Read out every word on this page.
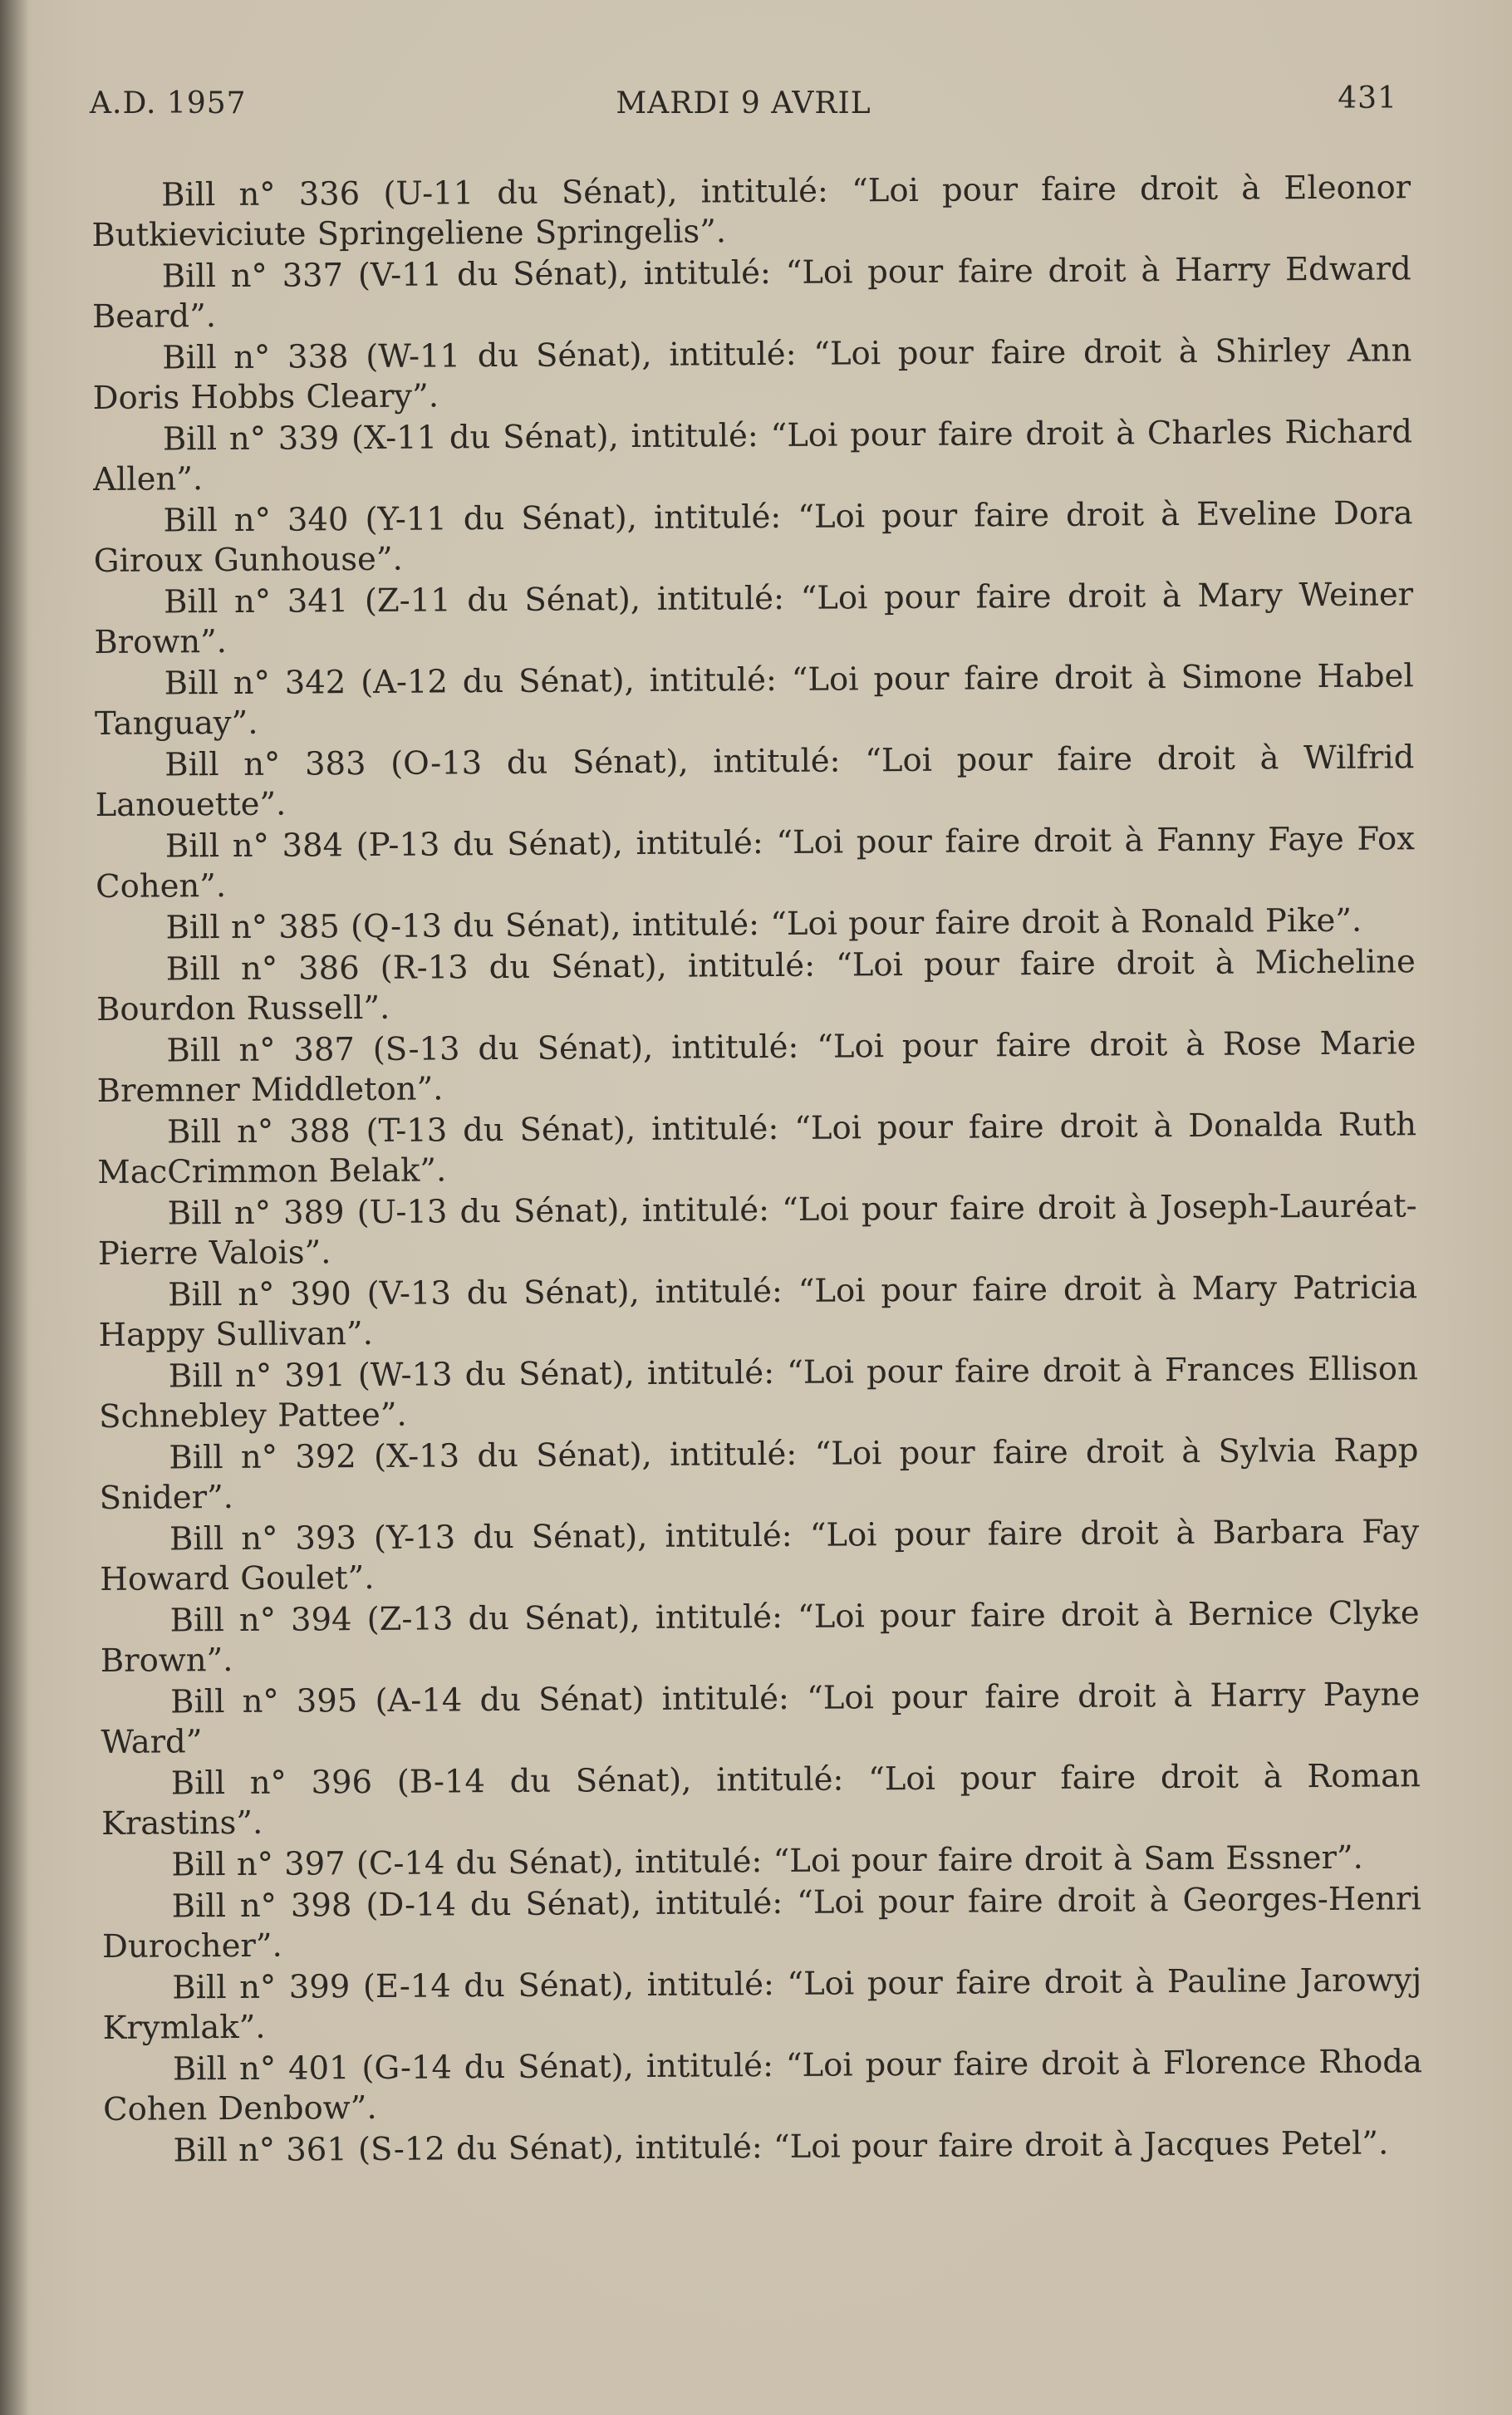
A.D. 1957	MARDI 9 AVRIL	431

Bill n° 336 (U-11 du Sénat), intitulé: “Loi pour faire droit à Eleonor Butkieviciute Springeliene Springelis”.

Bill n° 337 (V-11 du Sénat), intitulé: “Loi pour faire droit à Harry Edward Beard”.

Bill n° 338 (W-11 du Sénat), intitulé: “Loi pour faire droit à Shirley Ann Doris Hobbs Cleary”.

Bill n° 339 (X-11 du Sénat), intitulé: “Loi pour faire droit à Charles Richard Allen”.

Bill n° 340 (Y-11 du Sénat), intitulé: “Loi pour faire droit à Eveline Dora Giroux Gunhouse”.

Bill n° 341 (Z-11 du Sénat), intitulé: “Loi pour faire droit à Mary Weiner Brown”.

Bill n° 342 (A-12 du Sénat), intitulé: “Loi pour faire droit à Simone Habel Tanguay”.

Bill n° 383 (O-13 du Sénat), intitulé: “Loi pour faire droit à Wilfrid Lanouette”.

Bill n° 384 (P-13 du Sénat), intitulé: “Loi pour faire droit à Fanny Faye Fox Cohen”.

Bill n° 385 (Q-13 du Sénat), intitulé: “Loi pour faire droit à Ronald Pike”.

Bill n° 386 (R-13 du Sénat), intitulé: “Loi pour faire droit à Micheline Bourdon Russell”.

Bill n° 387 (S-13 du Sénat), intitulé: “Loi pour faire droit à Rose Marie Bremner Middleton”.

Bill n° 388 (T-13 du Sénat), intitulé: “Loi pour faire droit à Donalda Ruth MacCrimmon Belak”.

Bill n° 389 (U-13 du Sénat), intitulé: “Loi pour faire droit à Joseph-Lauréat-Pierre Valois”.

Bill n° 390 (V-13 du Sénat), intitulé: “Loi pour faire droit à Mary Patricia Happy Sullivan”.

Bill n° 391 (W-13 du Sénat), intitulé: “Loi pour faire droit à Frances Ellison Schnebley Pattee”.

Bill n° 392 (X-13 du Sénat), intitulé: “Loi pour faire droit à Sylvia Rapp Snider”.

Bill n° 393 (Y-13 du Sénat), intitulé: “Loi pour faire droit à Barbara Fay Howard Goulet”.

Bill n° 394 (Z-13 du Sénat), intitulé: “Loi pour faire droit à Bernice Clyke Brown”.

Bill n° 395 (A-14 du Sénat) intitulé: “Loi pour faire droit à Harry Payne Ward”

Bill n° 396 (B-14 du Sénat), intitulé: “Loi pour faire droit à Roman Krastins”.

Bill n° 397 (C-14 du Sénat), intitulé: “Loi pour faire droit à Sam Essner”.

Bill n° 398 (D-14 du Sénat), intitulé: “Loi pour faire droit à Georges-Henri Durocher”.

Bill n° 399 (E-14 du Sénat), intitulé: “Loi pour faire droit à Pauline Jarowyj Krymlak”.

Bill n° 401 (G-14 du Sénat), intitulé: “Loi pour faire droit à Florence Rhoda Cohen Denbow”.

Bill n° 361 (S-12 du Sénat), intitulé: “Loi pour faire droit à Jacques Petel”.
